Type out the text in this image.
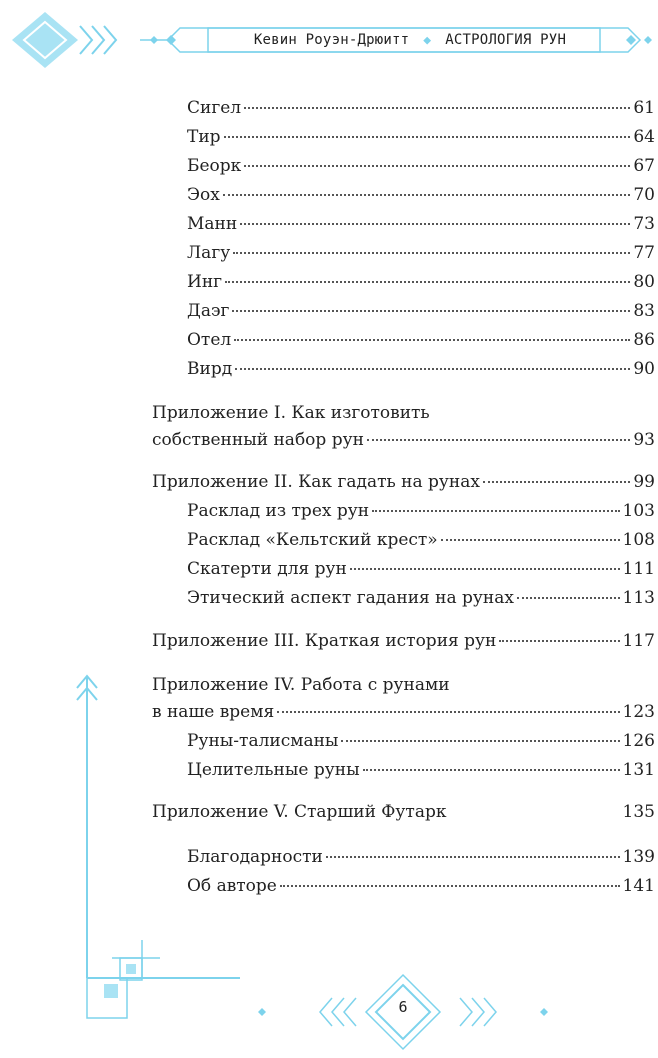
Кевин Роуэн-Дрюитт ◆ АСТРОЛОГИЯ РУН
Сигел	61
Тир	64
Беорк	67
Эох	70
Манн	73
Лагу	77
Инг	80
Даэг	83
Отел	86
Вирд	90
Приложение I. Как изготовить
собственный набор рун	93
Приложение II. Как гадать на рунах	99
Расклад из трех рун	103
Расклад «Кельтский крест»	108
Скатерти для рун	111
Этический аспект гадания на рунах	113
Приложение III. Краткая история рун	117
Приложение IV. Работа с рунами
в наше время	123
Руны-талисманы	126
Целительные руны	131
Приложение V. Старший Футарк	135
Благодарности	139
Об авторе	141
6
